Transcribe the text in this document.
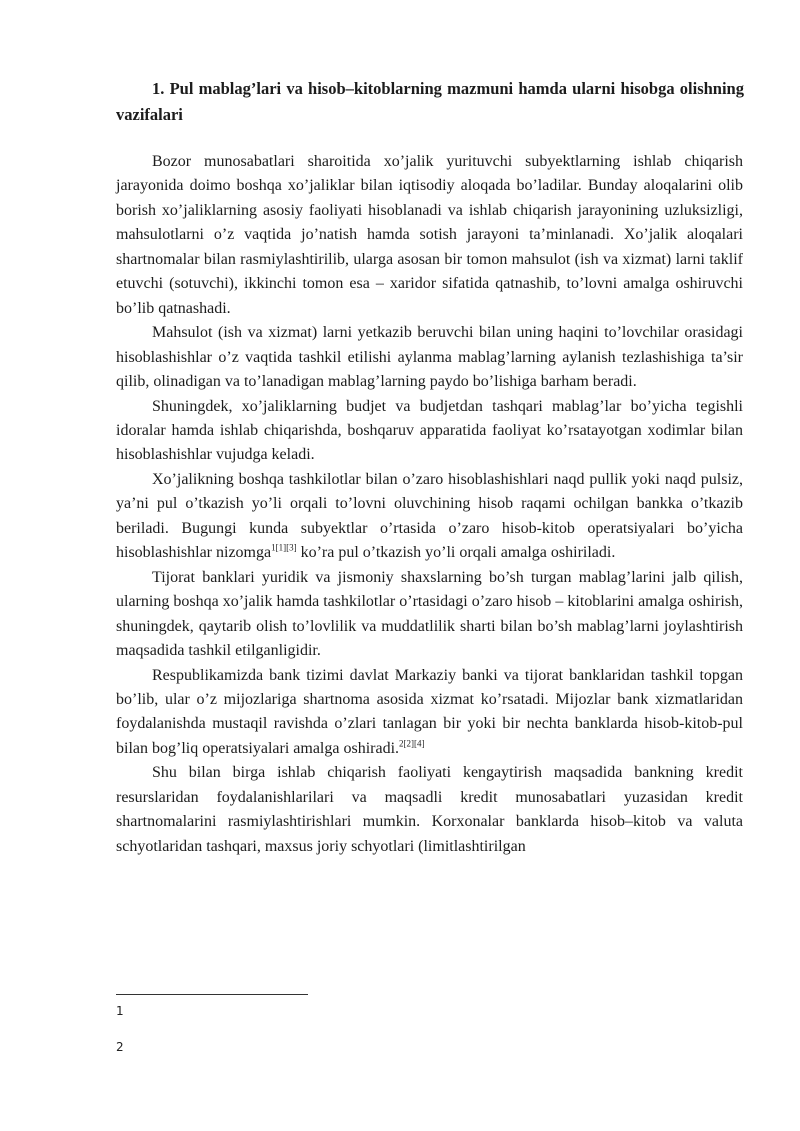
1. Pul mablag’lari va hisob–kitoblarning mazmuni hamda ularni hisobga olishning vazifalari

Bozor munosabatlari sharoitida xo’jalik yurituvchi subyektlarning ishlab chiqarish jarayonida doimo boshqa xo’jaliklar bilan iqtisodiy aloqada bo’ladilar. Bunday aloqalarini olib borish xo’jaliklarning asosiy faoliyati hisoblanadi va ishlab chiqarish jarayonining uzluksizligi, mahsulotlarni o’z vaqtida jo’natish hamda sotish jarayoni ta’minlanadi. Xo’jalik aloqalari shartnomalar bilan rasmiylashtirilib, ularga asosan bir tomon mahsulot (ish va xizmat) larni taklif etuvchi (sotuvchi), ikkinchi tomon esa – xaridor sifatida qatnashib, to’lovni amalga oshiruvchi bo’lib qatnashadi.

Mahsulot (ish va xizmat) larni yetkazib beruvchi bilan uning haqini to’lovchilar orasidagi hisoblashishlar o’z vaqtida tashkil etilishi aylanma mablag’larning aylanish tezlashishiga ta’sir qilib, olinadigan va to’lanadigan mablag’larning paydo bo’lishiga barham beradi.

Shuningdek, xo’jaliklarning budjet va budjetdan tashqari mablag’lar bo’yicha tegishli idoralar hamda ishlab chiqarishda, boshqaruv apparatida faoliyat ko’rsatayotgan xodimlar bilan hisoblashishlar vujudga keladi.

Xo’jalikning boshqa tashkilotlar bilan o’zaro hisoblashishlari naqd pullik yoki naqd pulsiz, ya’ni pul o’tkazish yo’li orqali to’lovni oluvchining hisob raqami ochilgan bankka o’tkazib beriladi. Bugungi kunda subyektlar o’rtasida o’zaro hisob-kitob operatsiyalari bo’yicha hisoblashishlar nizomga$^{1[1][3]}$ ko’ra pul o’tkazish yo’li orqali amalga oshiriladi.

Tijorat banklari yuridik va jismoniy shaxslarning bo’sh turgan mablag’larini jalb qilish, ularning boshqa xo’jalik hamda tashkilotlar o’rtasidagi o’zaro hisob – kitoblarini amalga oshirish, shuningdek, qaytarib olish to’lovlilik va muddatlilik sharti bilan bo’sh mablag’larni joylashtirish maqsadida tashkil etilganligidir.

Respublikamizda bank tizimi davlat Markaziy banki va tijorat banklaridan tashkil topgan bo’lib, ular o’z mijozlariga shartnoma asosida xizmat ko’rsatadi. Mijozlar bank xizmatlaridan foydalanishda mustaqil ravishda o’zlari tanlagan bir yoki bir nechta banklarda hisob-kitob-pul bilan bog’liq operatsiyalari amalga oshiradi.$^{2[2][4]}$

Shu bilan birga ishlab chiqarish faoliyati kengaytirish maqsadida bankning kredit resurslaridan foydalanishlarilari va maqsadli kredit munosabatlari yuzasidan kredit shartnomalarini rasmiylashtirishlari mumkin. Korxonalar banklarda hisob–kitob va valuta schyotlaridan tashqari, maxsus joriy schyotlari (limitlashtirilgan

1
2
